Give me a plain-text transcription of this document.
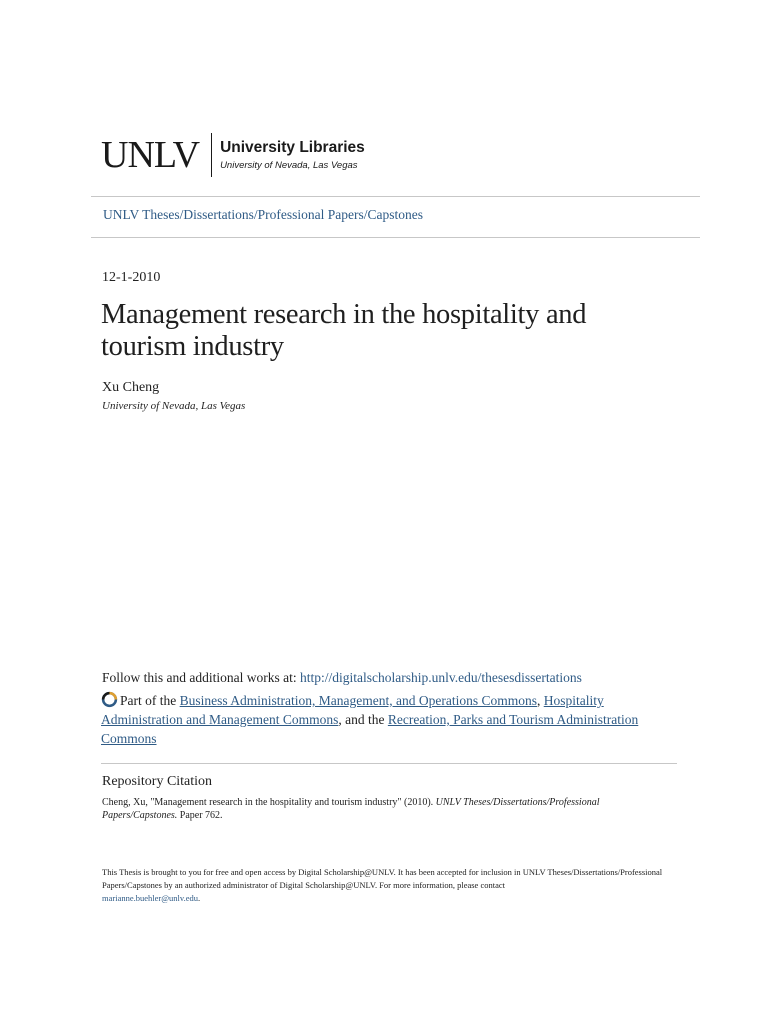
UNLV	University Libraries
University of Nevada, Las Vegas
UNLV Theses/Dissertations/Professional Papers/Capstones
12-1-2010
Management research in the hospitality and tourism industry
Xu Cheng
University of Nevada, Las Vegas
Follow this and additional works at: http://digitalscholarship.unlv.edu/thesesdissertations
Part of the Business Administration, Management, and Operations Commons, Hospitality Administration and Management Commons, and the Recreation, Parks and Tourism Administration Commons
Repository Citation
Cheng, Xu, "Management research in the hospitality and tourism industry" (2010). UNLV Theses/Dissertations/Professional Papers/Capstones. Paper 762.
This Thesis is brought to you for free and open access by Digital Scholarship@UNLV. It has been accepted for inclusion in UNLV Theses/Dissertations/Professional Papers/Capstones by an authorized administrator of Digital Scholarship@UNLV. For more information, please contact
marianne.buehler@unlv.edu.
